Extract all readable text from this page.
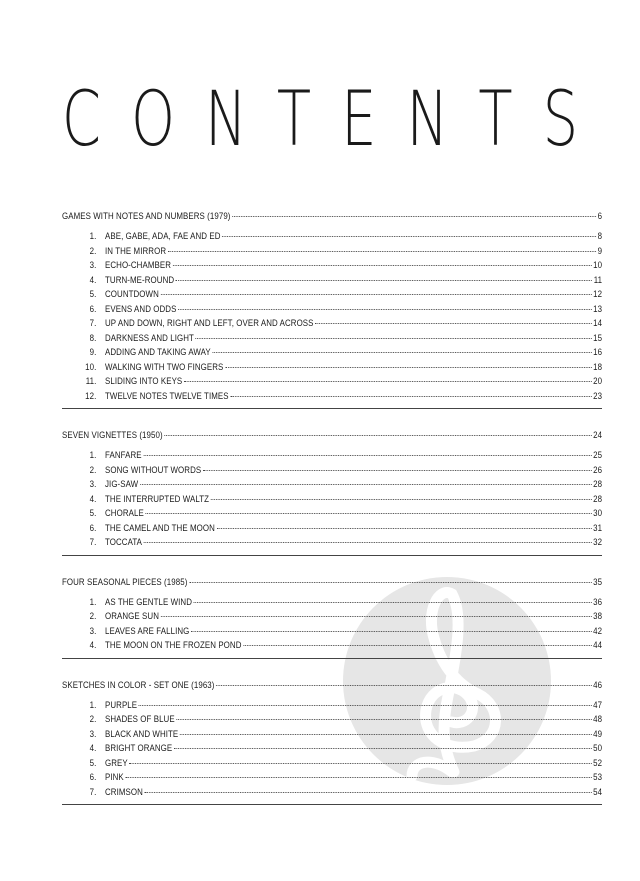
CONTENTS
GAMES WITH NOTES AND NUMBERS (1979)	6
1. ABE, GABE, ADA, FAE AND ED	8
2. IN THE MIRROR	9
3. ECHO-CHAMBER	10
4. TURN-ME-ROUND	11
5. COUNTDOWN	12
6. EVENS AND ODDS	13
7. UP AND DOWN, RIGHT AND LEFT, OVER AND ACROSS	14
8. DARKNESS AND LIGHT	15
9. ADDING AND TAKING AWAY	16
10. WALKING WITH TWO FINGERS	18
11. SLIDING INTO KEYS	20
12. TWELVE NOTES TWELVE TIMES	23
SEVEN VIGNETTES (1950)	24
1. FANFARE	25
2. SONG WITHOUT WORDS	26
3. JIG-SAW	28
4. THE INTERRUPTED WALTZ	28
5. CHORALE	30
6. THE CAMEL AND THE MOON	31
7. TOCCATA	32
FOUR SEASONAL PIECES (1985)	35
1. AS THE GENTLE WIND	36
2. ORANGE SUN	38
3. LEAVES ARE FALLING	42
4. THE MOON ON THE FROZEN POND	44
SKETCHES IN COLOR - SET ONE (1963)	46
1. PURPLE	47
2. SHADES OF BLUE	48
3. BLACK AND WHITE	49
4. BRIGHT ORANGE	50
5. GREY	52
6. PINK	53
7. CRIMSON	54
